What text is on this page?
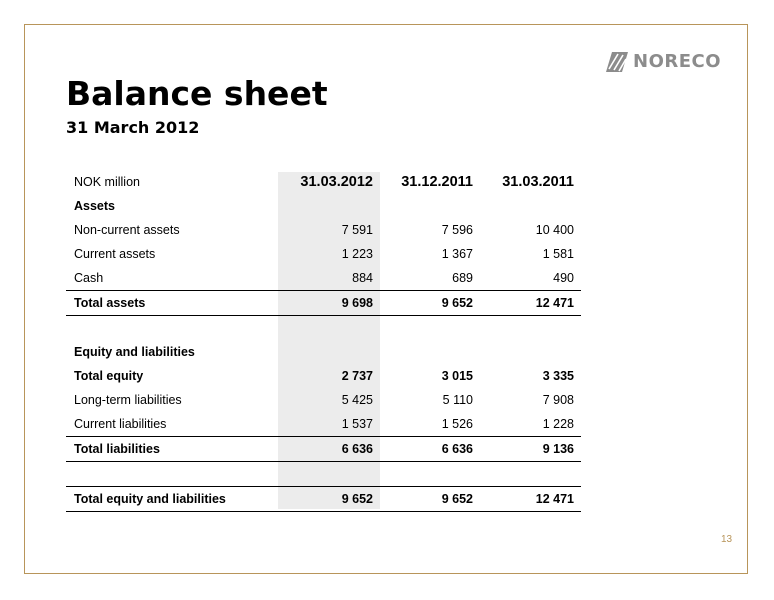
NORECO
Balance sheet
31 March 2012
NOK million	31.03.2012	31.12.2011	31.03.2011
Assets			
Non-current assets	7 591	7 596	10 400
Current assets	1 223	1 367	1 581
Cash	884	689	490
Total assets	9 698	9 652	12 471

Equity and liabilities			
Total equity	2 737	3 015	3 335
Long-term liabilities	5 425	5 110	7 908
Current liabilities	1 537	1 526	1 228
Total liabilities	6 636	6 636	9 136

Total equity and liabilities	9 652	9 652	12 471
13
